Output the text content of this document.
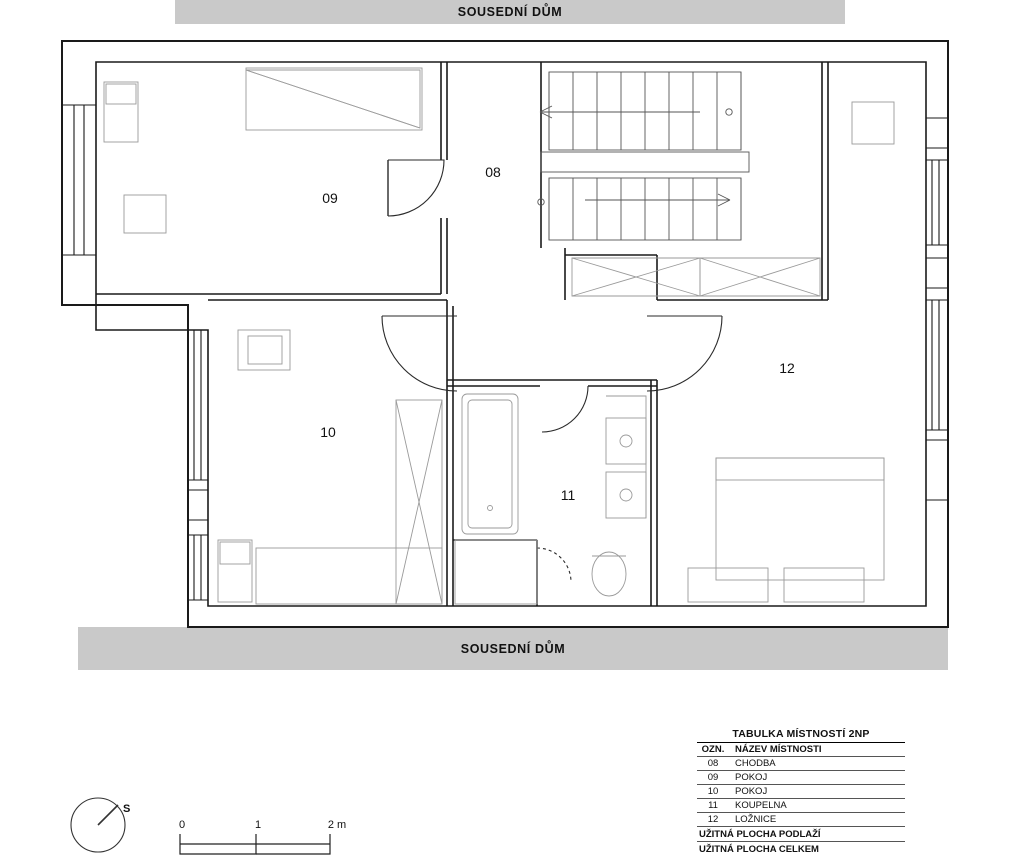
SOUSEDNÍ DŮM
SOUSEDNÍ DŮM
09
08
12
10
11
TABULKA MÍSTNOSTÍ 2NP
OZN.	NÁZEV MÍSTNOSTI
08	CHODBA
09	POKOJ
10	POKOJ
11	KOUPELNA
12	LOŽNICE
UŽITNÁ PLOCHA PODLAŽÍ
UŽITNÁ PLOCHA CELKEM
S
0	1	2 m
